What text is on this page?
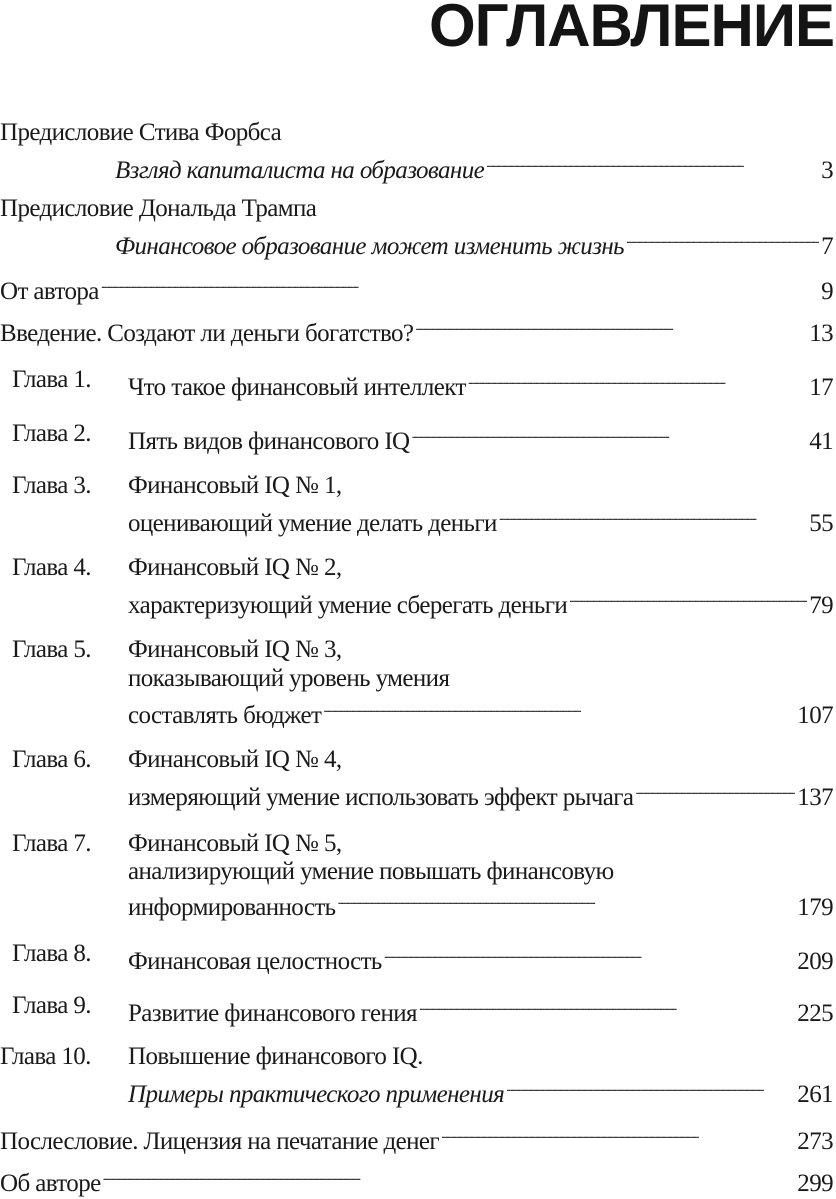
ОГЛАВЛЕНИЕ
Предисловие Стива Форбса
Взгляд капиталиста на образование . . .	3
Предисловие Дональда Трампа
Финансовое образование может изменить жизнь . . .	7
От автора . . .	9
Введение. Создают ли деньги богатство? . . .	13
Глава 1. Что такое финансовый интеллект . . .	17
Глава 2. Пять видов финансового IQ . . .	41
Глава 3. Финансовый IQ № 1,
оценивающий умение делать деньги . . .	55
Глава 4. Финансовый IQ № 2,
характеризующий умение сберегать деньги . . .	79
Глава 5. Финансовый IQ № 3,
показывающий уровень умения
составлять бюджет . . .	107
Глава 6. Финансовый IQ № 4,
измеряющий умение использовать эффект рычага . . .	137
Глава 7. Финансовый IQ № 5,
анализирующий умение повышать финансовую
информированность . . .	179
Глава 8. Финансовая целостность . . .	209
Глава 9. Развитие финансового гения . . .	225
Глава 10. Повышение финансового IQ.
Примеры практического применения . . .	261
Послесловие. Лицензия на печатание денег . . .	273
Об авторе . . .	299
